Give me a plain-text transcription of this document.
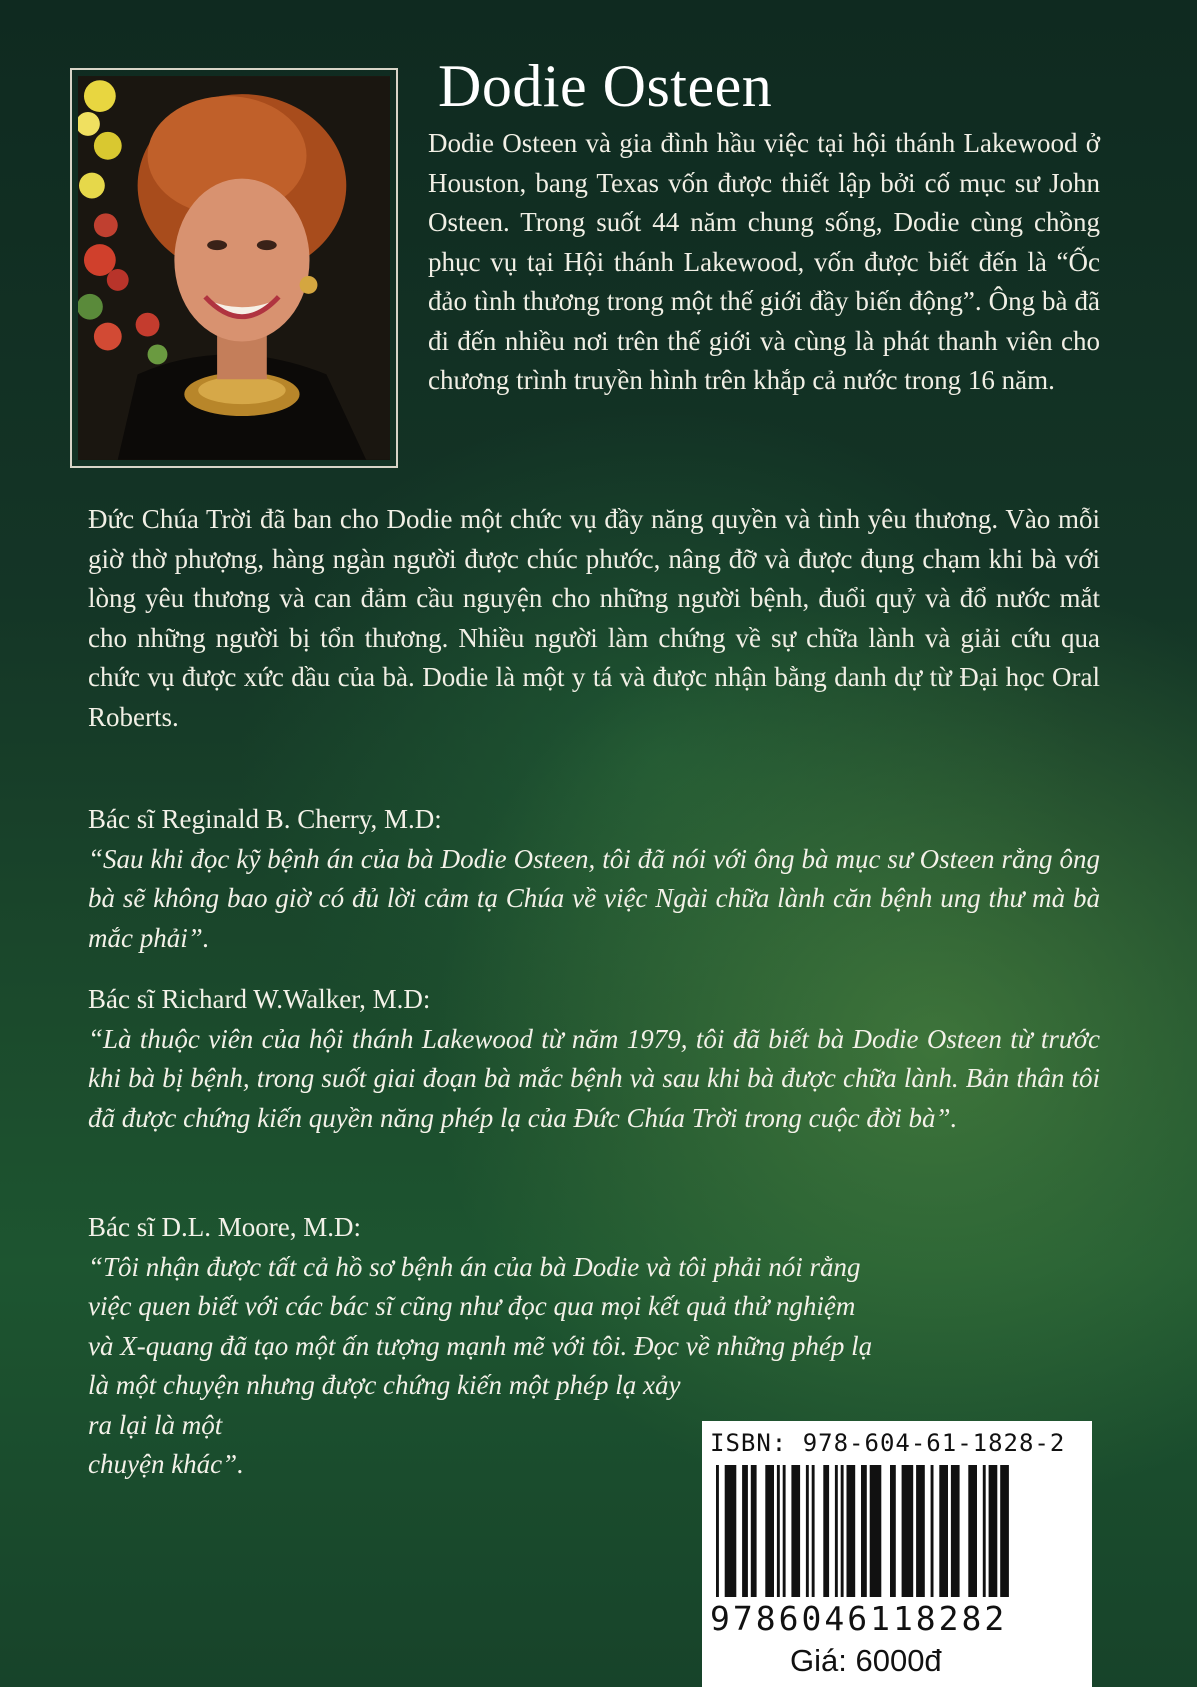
Dodie Osteen

Dodie Osteen và gia đình hầu việc tại hội thánh Lakewood ở Houston, bang Texas vốn được thiết lập bởi cố mục sư John Osteen. Trong suốt 44 năm chung sống, Dodie cùng chồng phục vụ tại Hội thánh Lakewood, vốn được biết đến là “Ốc đảo tình thương trong một thế giới đầy biến động”. Ông bà đã đi đến nhiều nơi trên thế giới và cùng là phát thanh viên cho chương trình truyền hình trên khắp cả nước trong 16 năm.

Đức Chúa Trời đã ban cho Dodie một chức vụ đầy năng quyền và tình yêu thương. Vào mỗi giờ thờ phượng, hàng ngàn người được chúc phước, nâng đỡ và được đụng chạm khi bà với lòng yêu thương và can đảm cầu nguyện cho những người bệnh, đuổi quỷ và đổ nước mắt cho những người bị tổn thương. Nhiều người làm chứng về sự chữa lành và giải cứu qua chức vụ được xức dầu của bà. Dodie là một y tá và được nhận bằng danh dự từ Đại học Oral Roberts.

Bác sĩ Reginald B. Cherry, M.D:

“Sau khi đọc kỹ bệnh án của bà Dodie Osteen, tôi đã nói với ông bà mục sư Osteen rằng ông bà sẽ không bao giờ có đủ lời cảm tạ Chúa về việc Ngài chữa lành căn bệnh ung thư mà bà mắc phải”.

Bác sĩ Richard W.Walker, M.D:

“Là thuộc viên của hội thánh Lakewood từ năm 1979, tôi đã biết bà Dodie Osteen từ trước khi bà bị bệnh, trong suốt giai đoạn bà mắc bệnh và sau khi bà được chữa lành. Bản thân tôi đã được chứng kiến quyền năng phép lạ của Đức Chúa Trời trong cuộc đời bà”.

Bác sĩ D.L. Moore, M.D:

“Tôi nhận được tất cả hồ sơ bệnh án của bà Dodie và tôi phải nói rằng

việc quen biết với các bác sĩ cũng như đọc qua mọi kết quả thử nghiệm

và X-quang đã tạo một ấn tượng mạnh mẽ với tôi. Đọc về những phép lạ

là một chuyện nhưng được chứng kiến một phép lạ xảy ra lại là một

chuyện khác”.

ISBN: 978-604-61-1828-2
9786046118282
Giá: 6000đ
